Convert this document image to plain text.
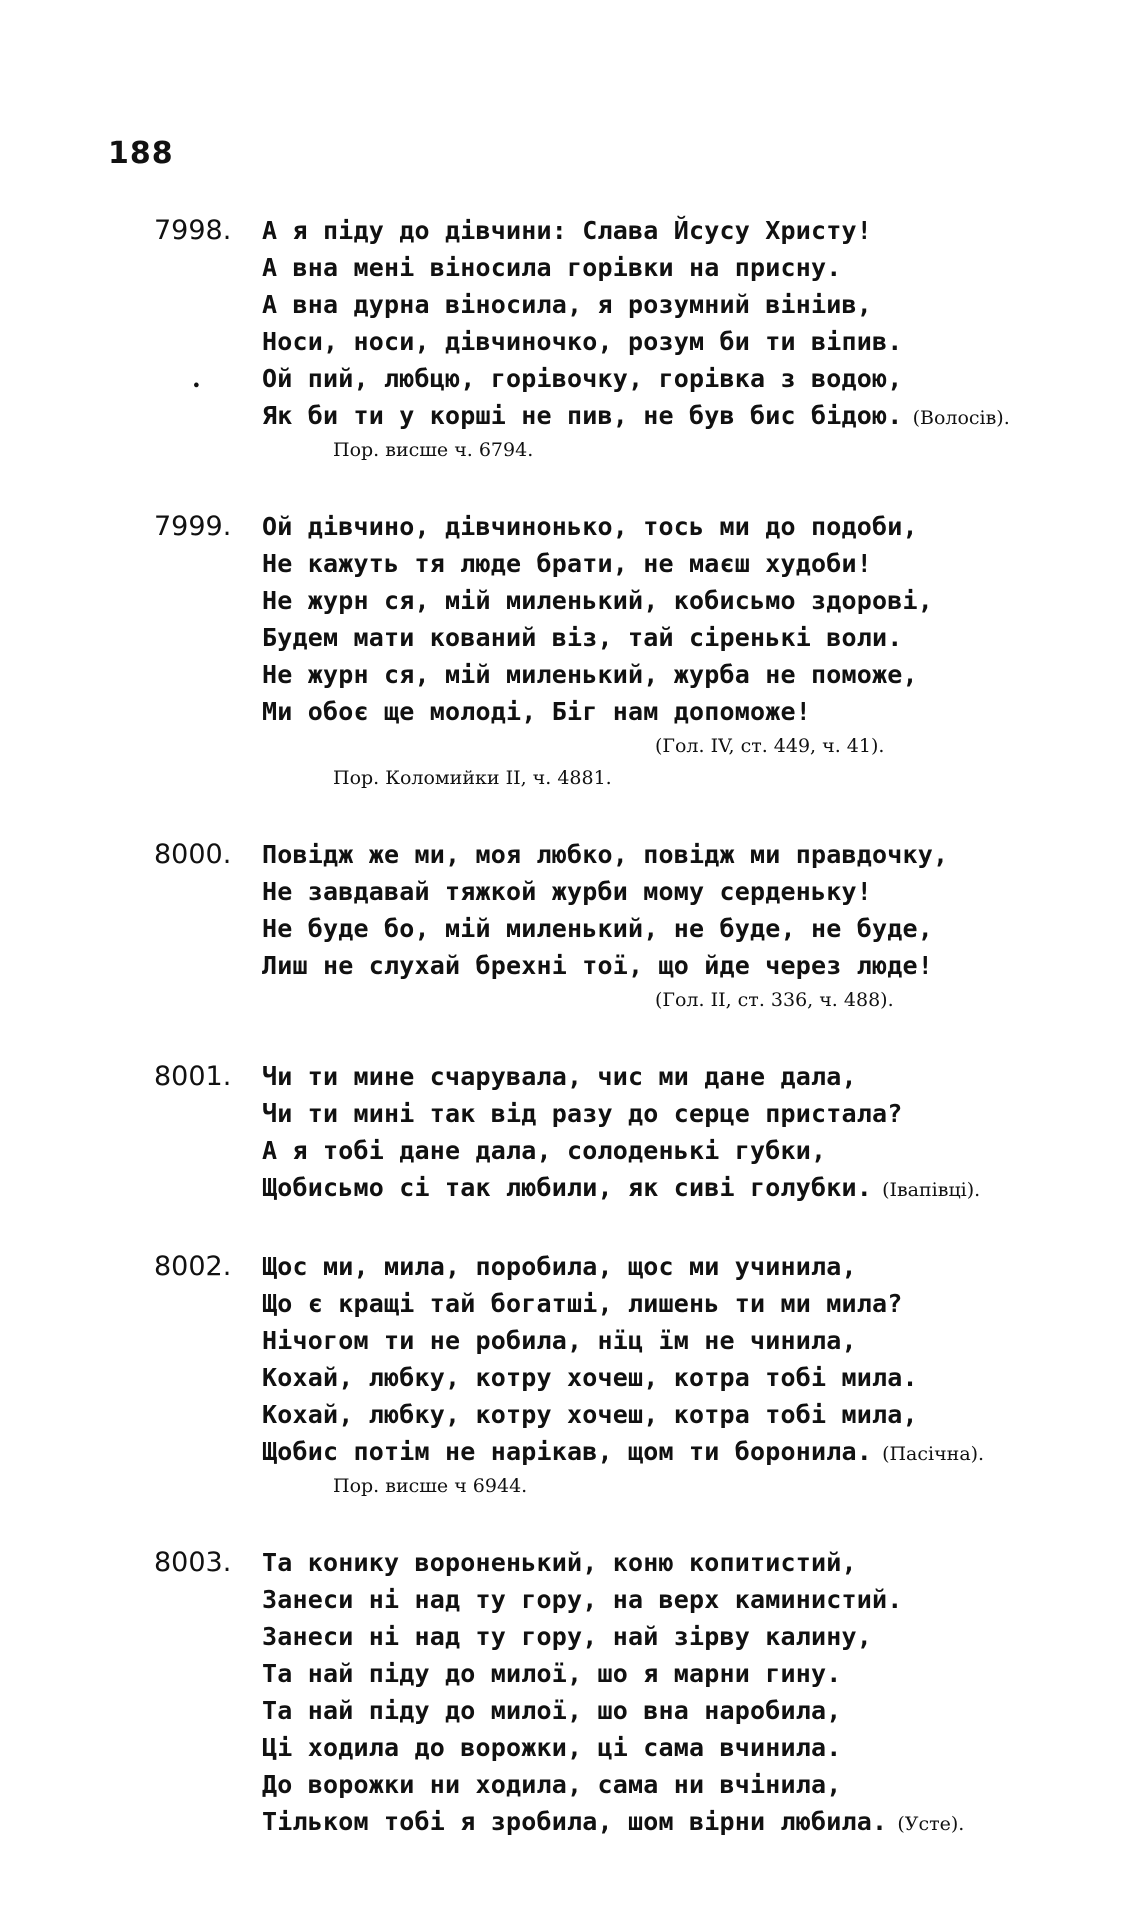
188
7998. А я піду до дівчини: Слава Йсусу Христу!
А вна мені віносила горівки на присну.
А вна дурна віносила, я розумний вініив,
Носи, носи, дівчиночко, розум би ти віпив.
. Ой пий, любцю, горівочку, горівка з водою,
Як би ти у корші не пив, не був бис бідою. (Волосів).
Пор. висше ч. 6794.
7999. Ой дівчино, дівчинонько, тось ми до подоби,
Не кажуть тя люде брати, не маєш худоби!
Не журн ся, мій миленький, кобисьмо здорові,
Будем мати кований віз, тай сіренькі воли.
Не журн ся, мій миленький, журба не поможе,
Ми обоє ще молоді, Біг нам допоможе!
(Гол. IV, ст. 449, ч. 41).
Пор. Коломийки II, ч. 4881.
8000. Повідж же ми, моя любко, повідж ми правдочку,
Не завдавай тяжкой журби мому серденьку!
Не буде бо, мій миленький, не буде, не буде,
Лиш не слухай брехні тої, що йде через люде!
(Гол. II, ст. 336, ч. 488).
8001. Чи ти мине счарувала, чис ми дане дала,
Чи ти мині так від разу до серце пристала?
А я тобі дане дала, солоденькі губки,
Щобисьмо сі так любили, як сиві голубки. (Івапівці).
8002. Щос ми, мила, поробила, щос ми учинила,
Що є кращі тай богатші, лишень ти ми мила?
Нічогом ти не робила, нїц їм не чинила,
Кохай, любку, котру хочеш, котра тобі мила.
Кохай, любку, котру хочеш, котра тобі мила,
Щобис потім не нарікав, щом ти боронила. (Пасічна).
Пор. висше ч 6944.
8003. Та конику вороненький, коню копитистий,
Занеси ні над ту гору, на верх каминистий.
Занеси ні над ту гору, най зірву калину,
Та най піду до милої, шо я марни гину.
Та най піду до милої, шо вна наробила,
Ці ходила до ворожки, ці сама вчинила.
До ворожки ни ходила, сама ни вчінила,
Тільком тобі я зробила, шом вірни любила. (Усте).
